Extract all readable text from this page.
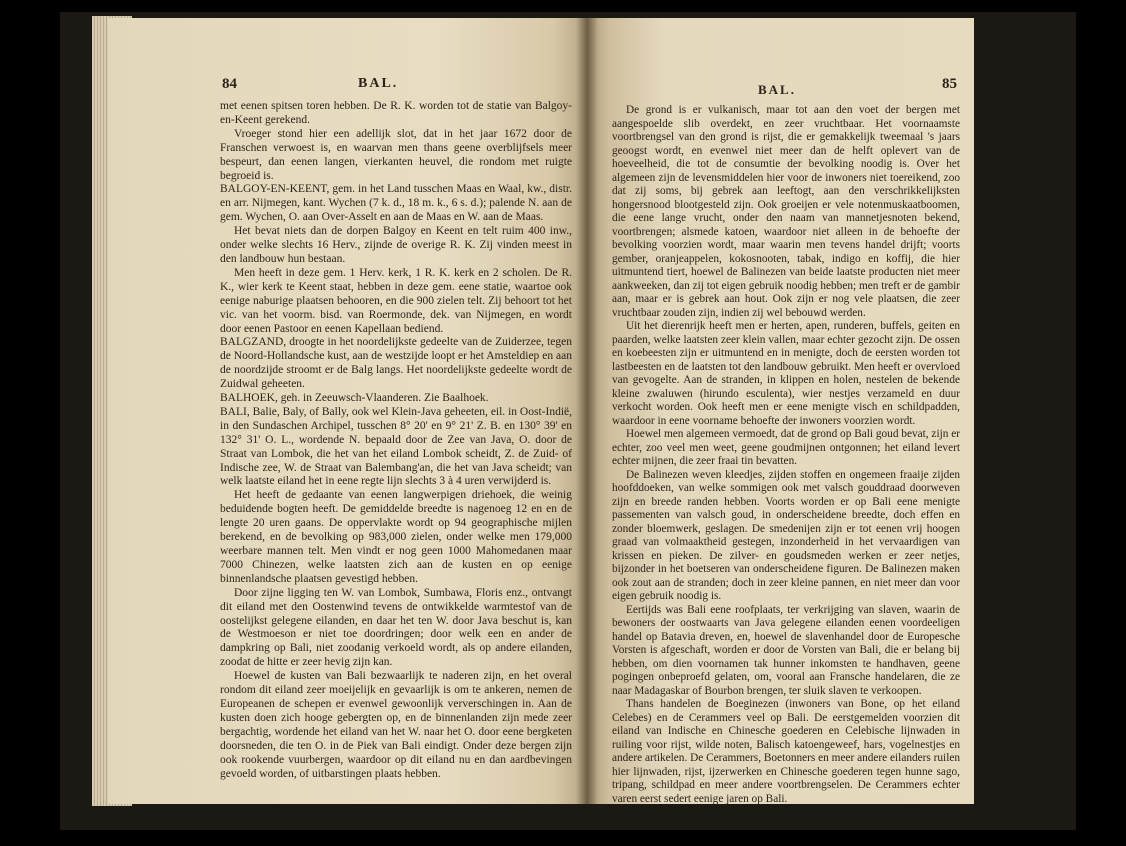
84	BAL.

met eenen spitsen toren hebben. De R. K. worden tot de statie van Balgoy-en-Keent gerekend.

Vroeger stond hier een adellijk slot, dat in het jaar 1672 door de Franschen verwoest is, en waarvan men thans geene overblijfsels meer bespeurt, dan eenen langen, vierkanten heuvel, die rondom met ruigte begroeid is.

BALGOY-EN-KEENT, gem. in het Land tusschen Maas en Waal, kw., distr. en arr. Nijmegen, kant. Wychen (7 k. d., 18 m. k., 6 s. d.); palende N. aan de gem. Wychen, O. aan Over-Asselt en aan de Maas en W. aan de Maas.

Het bevat niets dan de dorpen Balgoy en Keent en telt ruim 400 inw., onder welke slechts 16 Herv., zijnde de overige R. K. Zij vinden meest in den landbouw hun bestaan.

Men heeft in deze gem. 1 Herv. kerk, 1 R. K. kerk en 2 scholen. De R. K., wier kerk te Keent staat, hebben in deze gem. eene statie, waartoe ook eenige naburige plaatsen behooren, en die 900 zielen telt. Zij behoort tot het vic. van het voorm. bisd. van Roermonde, dek. van Nijmegen, en wordt door eenen Pastoor en eenen Kapellaan bediend.

BALGZAND, droogte in het noordelijkste gedeelte van de Zuiderzee, tegen de Noord-Hollandsche kust, aan de westzijde loopt er het Amsteldiep en aan de noordzijde stroomt er de Balg langs. Het noordelijkste gedeelte wordt de Zuidwal geheeten.

BALHOEK, geh. in Zeeuwsch-Vlaanderen. Zie Baalhoek.

BALI, Balie, Baly, of Bally, ook wel Klein-Java geheeten, eil. in Oost-Indië, in den Sundaschen Archipel, tusschen 8° 20' en 9° 21' Z. B. en 130° 39' en 132° 31' O. L., wordende N. bepaald door de Zee van Java, O. door de Straat van Lombok, die het van het eiland Lombok scheidt, Z. de Zuid- of Indische zee, W. de Straat van Balembang'an, die het van Java scheidt; van welk laatste eiland het in eene regte lijn slechts 3 à 4 uren verwijderd is.

Het heeft de gedaante van eenen langwerpigen driehoek, die weinig beduidende bogten heeft. De gemiddelde breedte is nagenoeg 12 en en de lengte 20 uren gaans. De oppervlakte wordt op 94 geographische mijlen berekend, en de bevolking op 983,000 zielen, onder welke men 179,000 weerbare mannen telt. Men vindt er nog geen 1000 Mahomedanen maar 7000 Chinezen, welke laatsten zich aan de kusten en op eenige binnenlandsche plaatsen gevestigd hebben.

Door zijne ligging ten W. van Lombok, Sumbawa, Floris enz., ontvangt dit eiland met den Oostenwind tevens de ontwikkelde warmtestof van de oostelijkst gelegene eilanden, en daar het ten W. door Java beschut is, kan de Westmoeson er niet toe doordringen; door welk een en ander de dampkring op Bali, niet zoodanig verkoeld wordt, als op andere eilanden, zoodat de hitte er zeer hevig zijn kan.

Hoewel de kusten van Bali bezwaarlijk te naderen zijn, en het overal rondom dit eiland zeer moeijelijk en gevaarlijk is om te ankeren, nemen de Europeanen de schepen er evenwel gewoonlijk ververschingen in. Aan de kusten doen zich hooge gebergten op, en de binnenlanden zijn mede zeer bergachtig, wordende het eiland van het W. naar het O. door eene bergketen doorsneden, die ten O. in de Piek van Bali eindigt. Onder deze bergen zijn ook rookende vuurbergen, waardoor op dit eiland nu en dan aardbevingen gevoeld worden, of uitbarstingen plaats hebben.

BAL.	85

De grond is er vulkanisch, maar tot aan den voet der bergen met aangespoelde slib overdekt, en zeer vruchtbaar. Het voornaamste voortbrengsel van den grond is rijst, die er gemakkelijk tweemaal 's jaars geoogst wordt, en evenwel niet meer dan de helft oplevert van de hoeveelheid, die tot de consumtie der bevolking noodig is. Over het algemeen zijn de levensmiddelen hier voor de inwoners niet toereikend, zoo dat zij soms, bij gebrek aan leeftogt, aan den verschrikkelijksten hongersnood blootgesteld zijn. Ook groeijen er vele notenmuskaatboomen, die eene lange vrucht, onder den naam van mannetjesnoten bekend, voortbrengen; alsmede katoen, waardoor niet alleen in de behoefte der bevolking voorzien wordt, maar waarin men tevens handel drijft; voorts gember, oranjeappelen, kokosnooten, tabak, indigo en koffij, die hier uitmuntend tiert, hoewel de Balinezen van beide laatste producten niet meer aankweeken, dan zij tot eigen gebruik noodig hebben; men treft er de gambir aan, maar er is gebrek aan hout. Ook zijn er nog vele plaatsen, die zeer vruchtbaar zouden zijn, indien zij wel bebouwd werden.

Uit het dierenrijk heeft men er herten, apen, runderen, buffels, geiten en paarden, welke laatsten zeer klein vallen, maar echter gezocht zijn. De ossen en koebeesten zijn er uitmuntend en in menigte, doch de eersten worden tot lastbeesten en de laatsten tot den landbouw gebruikt. Men heeft er overvloed van gevogelte. Aan de stranden, in klippen en holen, nestelen de bekende kleine zwaluwen (hirundo esculenta), wier nestjes verzameld en duur verkocht worden. Ook heeft men er eene menigte visch en schildpadden, waardoor in eene voorname behoefte der inwoners voorzien wordt.

Hoewel men algemeen vermoedt, dat de grond op Bali goud bevat, zijn er echter, zoo veel men weet, geene goudmijnen ontgonnen; het eiland levert echter mijnen, die zeer fraai tin bevatten.

De Balinezen weven kleedjes, zijden stoffen en ongemeen fraaije zijden hoofddoeken, van welke sommigen ook met valsch gouddraad doorweven zijn en breede randen hebben. Voorts worden er op Bali eene menigte passementen van valsch goud, in onderscheidene breedte, doch effen en zonder bloemwerk, geslagen. De smedenijen zijn er tot eenen vrij hoogen graad van volmaaktheid gestegen, inzonderheid in het vervaardigen van krissen en pieken. De zilver- en goudsmeden werken er zeer netjes, bijzonder in het boetseren van onderscheidene figuren. De Balinezen maken ook zout aan de stranden; doch in zeer kleine pannen, en niet meer dan voor eigen gebruik noodig is.

Eertijds was Bali eene roofplaats, ter verkrijging van slaven, waarin de bewoners der oostwaarts van Java gelegene eilanden eenen voordeeligen handel op Batavia dreven, en, hoewel de slavenhandel door de Europesche Vorsten is afgeschaft, worden er door de Vorsten van Bali, die er belang bij hebben, om dien voornamen tak hunner inkomsten te handhaven, geene pogingen onbeproefd gelaten, om, vooral aan Fransche handelaren, die ze naar Madagaskar of Bourbon brengen, ter sluik slaven te verkoopen.

Thans handelen de Boeginezen (inwoners van Bone, op het eiland Celebes) en de Cerammers veel op Bali. De eerstgemelden voorzien dit eiland van Indische en Chinesche goederen en Celebische lijnwaden in ruiling voor rijst, wilde noten, Balisch katoengeweef, hars, vogelnestjes en andere artikelen. De Cerammers, Boetonners en meer andere eilanders ruilen hier lijnwaden, rijst, ijzerwerken en Chinesche goederen tegen hunne sago, tripang, schildpad en meer andere voortbrengselen. De Cerammers echter varen eerst sedert eenige jaren op Bali.
